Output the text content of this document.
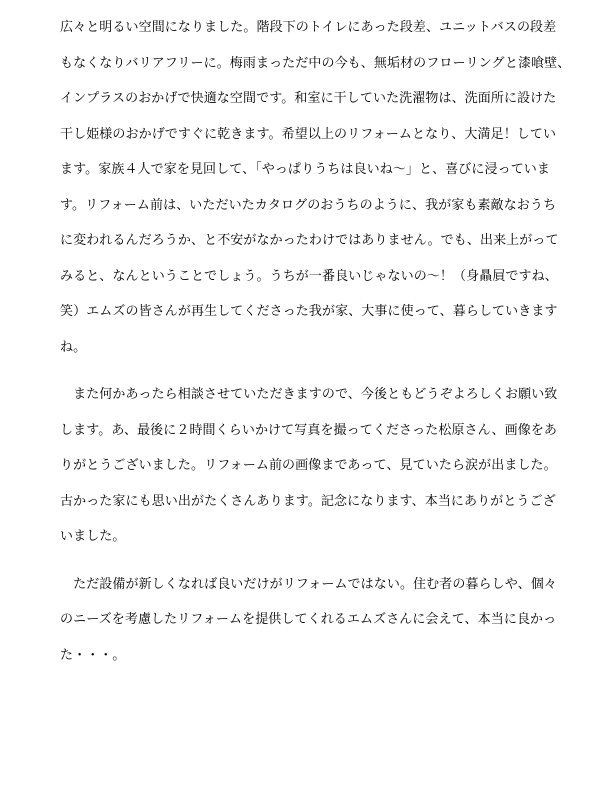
広々と明るい空間になりました。階段下のトイレにあった段差、ユニットバスの段差
もなくなりバリアフリーに。梅雨まっただ中の今も、無垢材のフローリングと漆喰壁、
インプラスのおかげで快適な空間です。和室に干していた洗濯物は、洗面所に設けた
干し姫様のおかげですぐに乾きます。希望以上のリフォームとなり、大満足！してい
ます。家族４人で家を見回して、「やっぱりうちは良いね～」と、喜びに浸っていま
す。リフォーム前は、いただいたカタログのおうちのように、我が家も素敵なおうち
に変われるんだろうか、と不安がなかったわけではありません。でも、出来上がって
みると、なんということでしょう。うちが一番良いじゃないの～！（身贔屓ですね、
笑）エムズの皆さんが再生してくださった我が家、大事に使って、暮らしていきます
ね。
　また何かあったら相談させていただきますので、今後ともどうぞよろしくお願い致
します。あ、最後に２時間くらいかけて写真を撮ってくださった松原さん、画像をあ
りがとうございました。リフォーム前の画像まであって、見ていたら涙が出ました。
古かった家にも思い出がたくさんあります。記念になります、本当にありがとうござ
いました。
　ただ設備が新しくなれば良いだけがリフォームではない。住む者の暮らしや、個々
のニーズを考慮したリフォームを提供してくれるエムズさんに会えて、本当に良かっ
た・・・。
